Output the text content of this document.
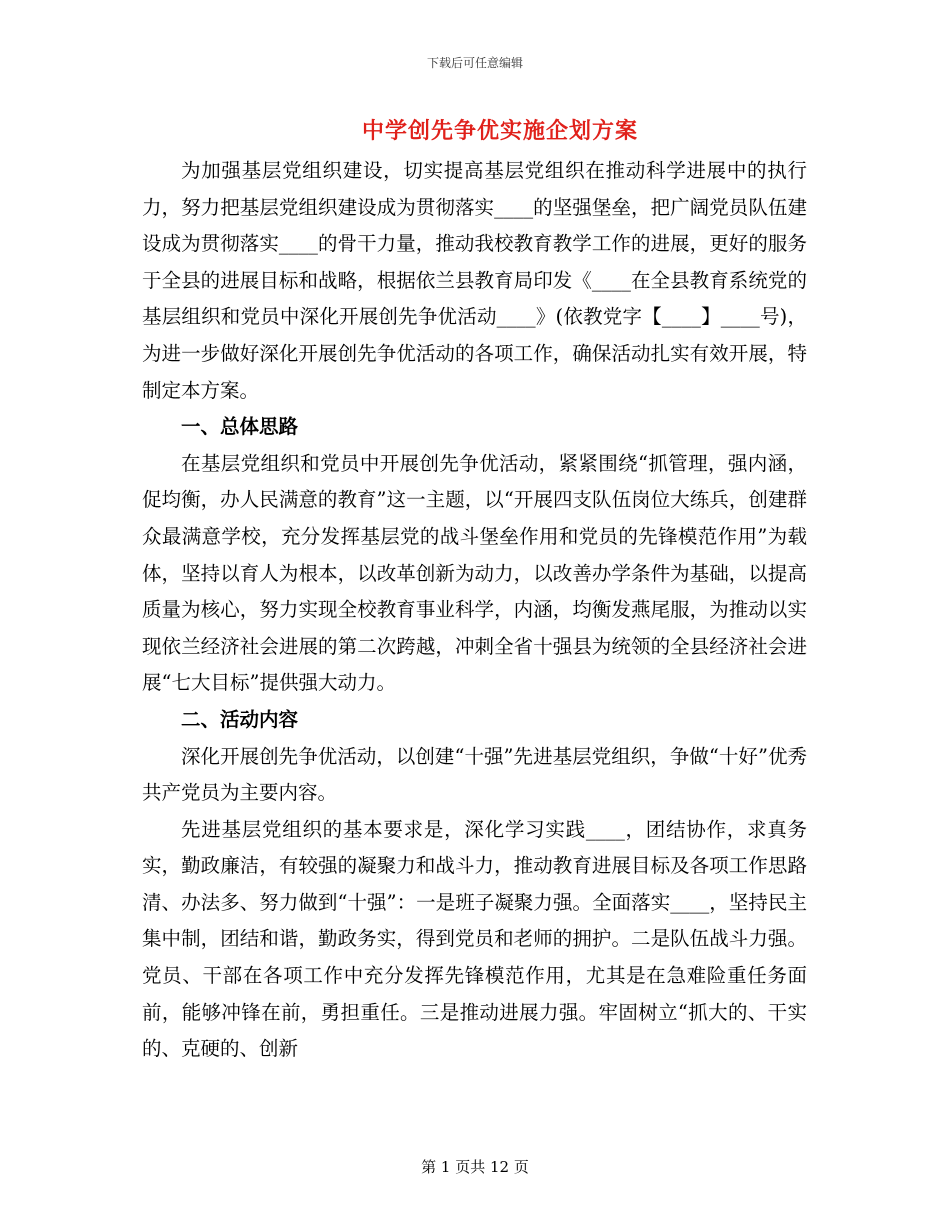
下载后可任意编辑
中学创先争优实施企划方案

为加强基层党组织建设，切实提高基层党组织在推动科学进展中的执行力，努力把基层党组织建设成为贯彻落实____的坚强堡垒，把广阔党员队伍建设成为贯彻落实____的骨干力量，推动我校教育教学工作的进展，更好的服务于全县的进展目标和战略，根据依兰县教育局印发《____在全县教育系统党的基层组织和党员中深化开展创先争优活动____》(依教党字【____】____号)，为进一步做好深化开展创先争优活动的各项工作，确保活动扎实有效开展，特制定本方案。

一、总体思路

在基层党组织和党员中开展创先争优活动，紧紧围绕“抓管理，强内涵，促均衡，办人民满意的教育”这一主题，以“开展四支队伍岗位大练兵，创建群众最满意学校，充分发挥基层党的战斗堡垒作用和党员的先锋模范作用”为载体，坚持以育人为根本，以改革创新为动力，以改善办学条件为基础，以提高质量为核心，努力实现全校教育事业科学，内涵，均衡发燕尾服，为推动以实现依兰经济社会进展的第二次跨越，冲刺全省十强县为统领的全县经济社会进展“七大目标”提供强大动力。

二、活动内容

深化开展创先争优活动，以创建“十强”先进基层党组织，争做“十好”优秀共产党员为主要内容。

先进基层党组织的基本要求是，深化学习实践____，团结协作，求真务实，勤政廉洁，有较强的凝聚力和战斗力，推动教育进展目标及各项工作思路清、办法多、努力做到“十强”：一是班子凝聚力强。全面落实____，坚持民主集中制，团结和谐，勤政务实，得到党员和老师的拥护。二是队伍战斗力强。党员、干部在各项工作中充分发挥先锋模范作用，尤其是在急难险重任务面前，能够冲锋在前，勇担重任。三是推动进展力强。牢固树立“抓大的、干实的、克硬的、创新

第 1 页共 12 页
